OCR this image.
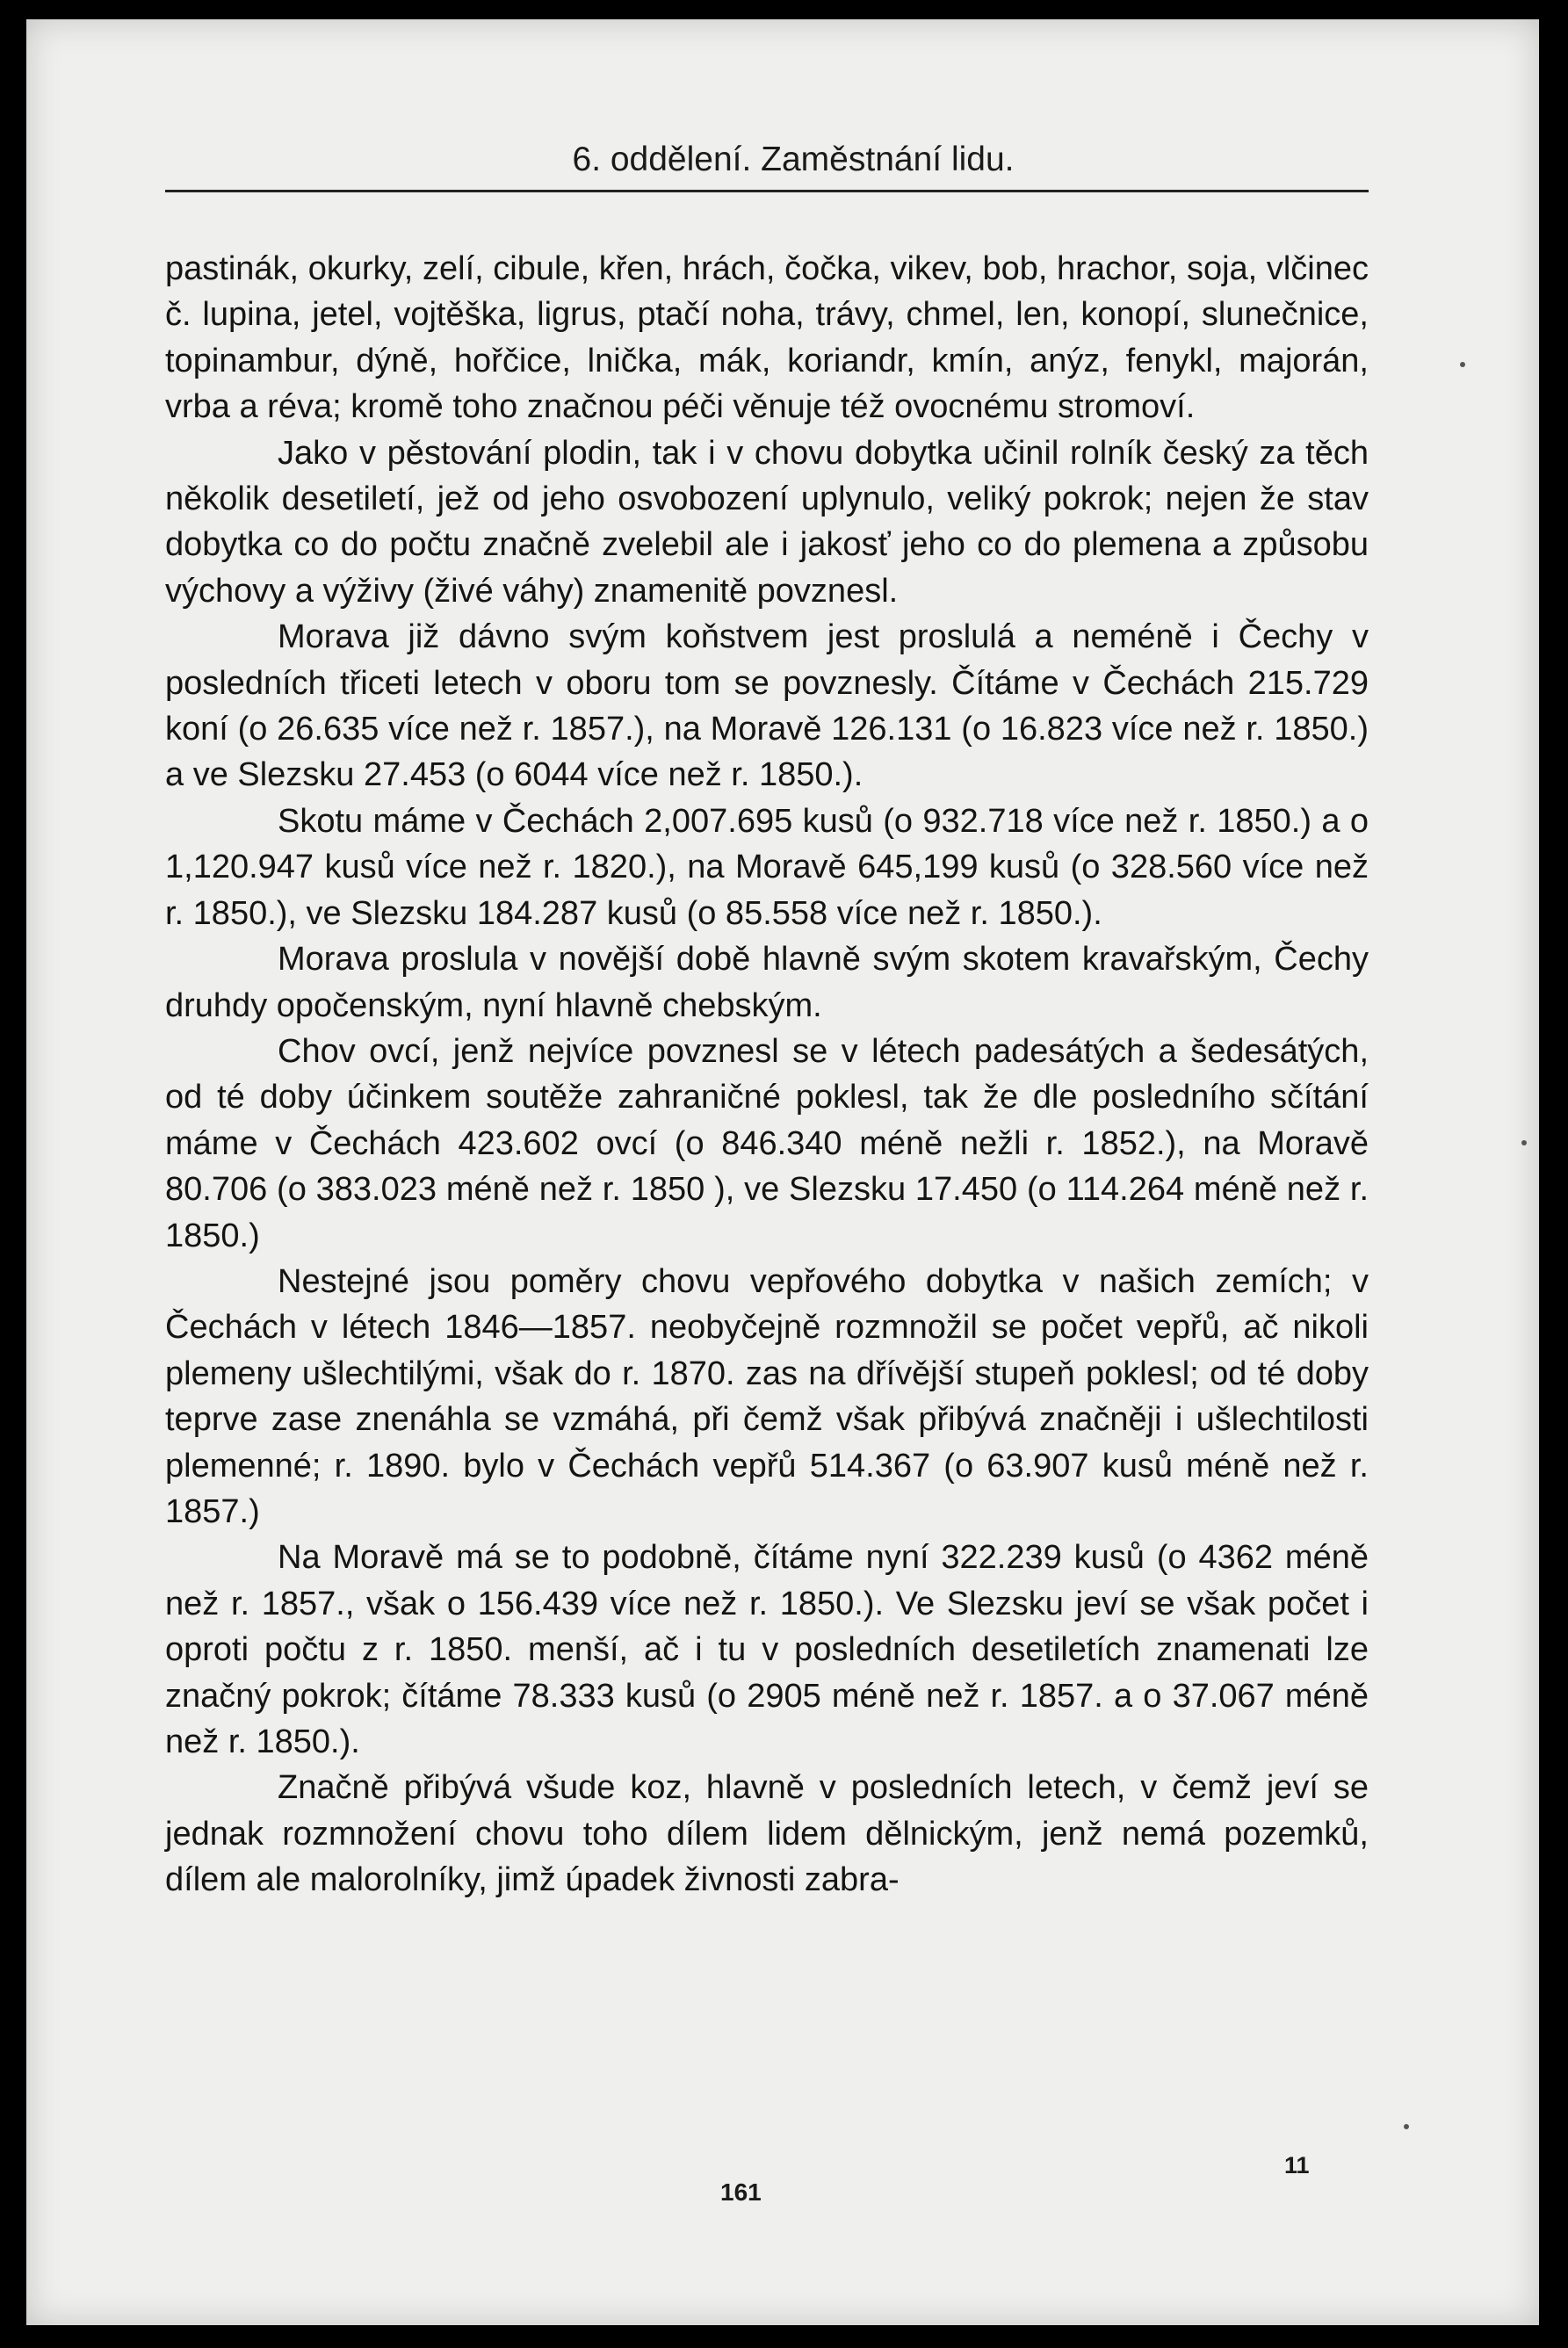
6. oddělení. Zaměstnání lidu.

pastinák, okurky, zelí, cibule, křen, hrách, čočka, vikev, bob, hrachor, soja, vlčinec č. lupina, jetel, vojtěška, ligrus, ptačí noha, trávy, chmel, len, konopí, slunečnice, topinambur, dýně, hořčice, lnička, mák, koriandr, kmín, anýz, fenykl, majorán, vrba a réva; kromě toho značnou péči věnuje též ovocnému stromoví.

Jako v pěstování plodin, tak i v chovu dobytka učinil rolník český za těch několik desetiletí, jež od jeho osvobození uplynulo, veliký pokrok; nejen že stav dobytka co do počtu značně zvelebil ale i jakosť jeho co do plemena a způsobu výchovy a výživy (živé váhy) znamenitě povznesl.

Morava již dávno svým koňstvem jest proslulá a neméně i Čechy v posledních třiceti letech v oboru tom se povznesly. Čítáme v Čechách 215.729 koní (o 26.635 více než r. 1857.), na Moravě 126.131 (o 16.823 více než r. 1850.) a ve Slezsku 27.453 (o 6044 více než r. 1850.).

Skotu máme v Čechách 2,007.695 kusů (o 932.718 více než r. 1850.) a o 1,120.947 kusů více než r. 1820.), na Moravě 645,199 kusů (o 328.560 více než r. 1850.), ve Slezsku 184.287 kusů (o 85.558 více než r. 1850.).

Morava proslula v novější době hlavně svým skotem kravařským, Čechy druhdy opočenským, nyní hlavně chebským.

Chov ovcí, jenž nejvíce povznesl se v létech padesátých a šedesátých, od té doby účinkem soutěže zahraničné poklesl, tak že dle posledního sčítání máme v Čechách 423.602 ovcí (o 846.340 méně nežli r. 1852.), na Moravě 80.706 (o 383.023 méně než r. 1850 ), ve Slezsku 17.450 (o 114.264 méně než r. 1850.)

Nestejné jsou poměry chovu vepřového dobytka v našich zemích; v Čechách v létech 1846—1857. neobyčejně rozmnožil se počet vepřů, ač nikoli plemeny ušlechtilými, však do r. 1870. zas na dřívější stupeň poklesl; od té doby teprve zase znenáhla se vzmáhá, při čemž však přibývá značněji i ušlechtilosti plemenné; r. 1890. bylo v Čechách vepřů 514.367 (o 63.907 kusů méně než r. 1857.)

Na Moravě má se to podobně, čítáme nyní 322.239 kusů (o 4362 méně než r. 1857., však o 156.439 více než r. 1850.). Ve Slezsku jeví se však počet i oproti počtu z r. 1850. menší, ač i tu v posledních desetiletích znamenati lze značný pokrok; čítáme 78.333 kusů (o 2905 méně než r. 1857. a o 37.067 méně než r. 1850.).

Značně přibývá všude koz, hlavně v posledních letech, v čemž jeví se jednak rozmnožení chovu toho dílem lidem dělnickým, jenž nemá pozemků, dílem ale malorolníky, jimž úpadek živnosti zabra-

161
11
